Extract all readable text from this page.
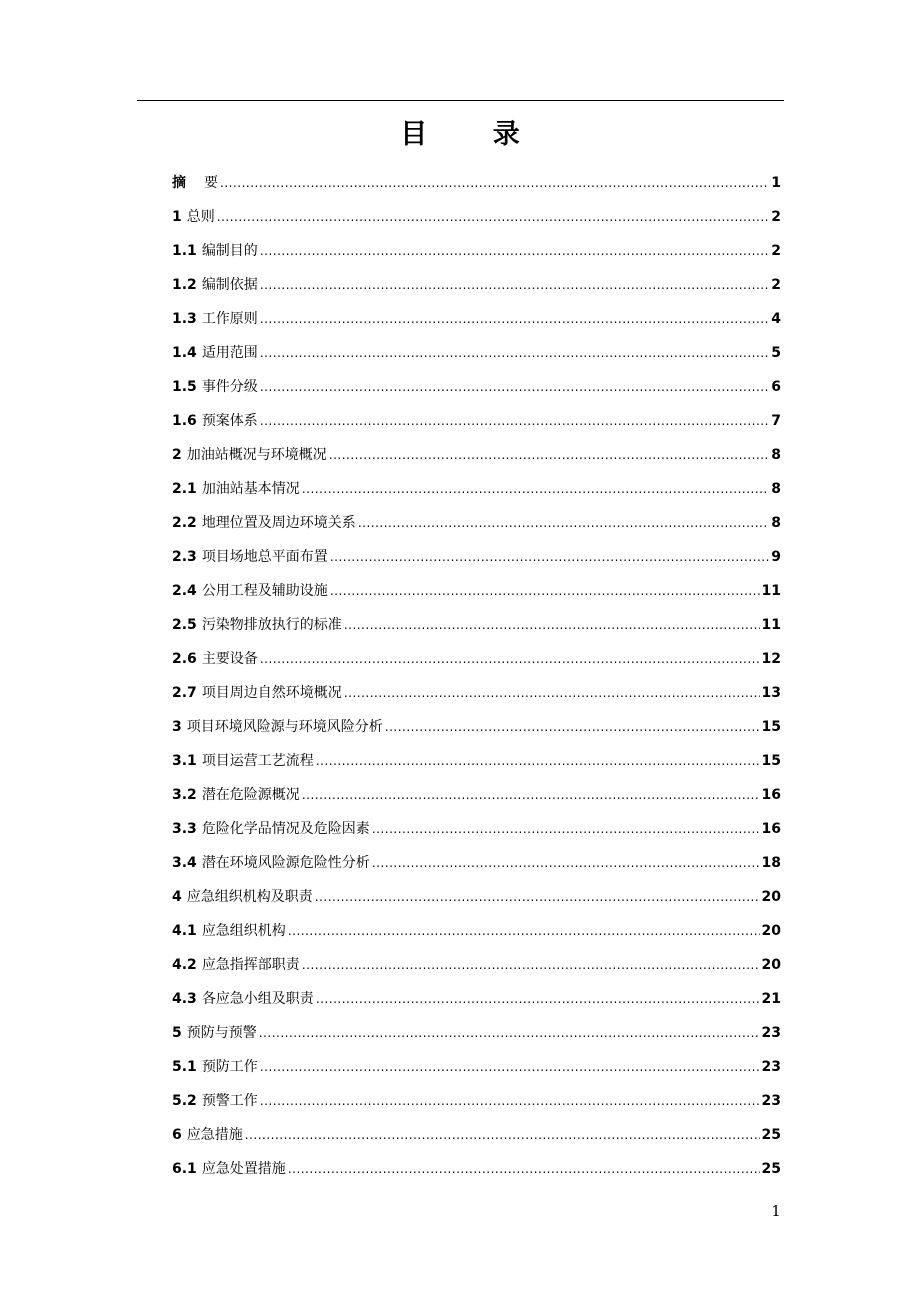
目 录
摘 要 .....	1
1 总则 .....	2
1.1 编制目的 .....	2
1.2 编制依据 .....	2
1.3 工作原则 .....	4
1.4 适用范围 .....	5
1.5 事件分级 .....	6
1.6 预案体系 .....	7
2 加油站概况与环境概况 .....	8
2.1 加油站基本情况 .....	8
2.2 地理位置及周边环境关系 .....	8
2.3 项目场地总平面布置 .....	9
2.4 公用工程及辅助设施 .....	11
2.5 污染物排放执行的标准 .....	11
2.6 主要设备 .....	12
2.7 项目周边自然环境概况 .....	13
3 项目环境风险源与环境风险分析 .....	15
3.1 项目运营工艺流程 .....	15
3.2 潜在危险源概况 .....	16
3.3 危险化学品情况及危险因素 .....	16
3.4 潜在环境风险源危险性分析 .....	18
4 应急组织机构及职责 .....	20
4.1 应急组织机构 .....	20
4.2 应急指挥部职责 .....	20
4.3 各应急小组及职责 .....	21
5 预防与预警 .....	23
5.1 预防工作 .....	23
5.2 预警工作 .....	23
6 应急措施 .....	25
6.1 应急处置措施 .....	25
1
